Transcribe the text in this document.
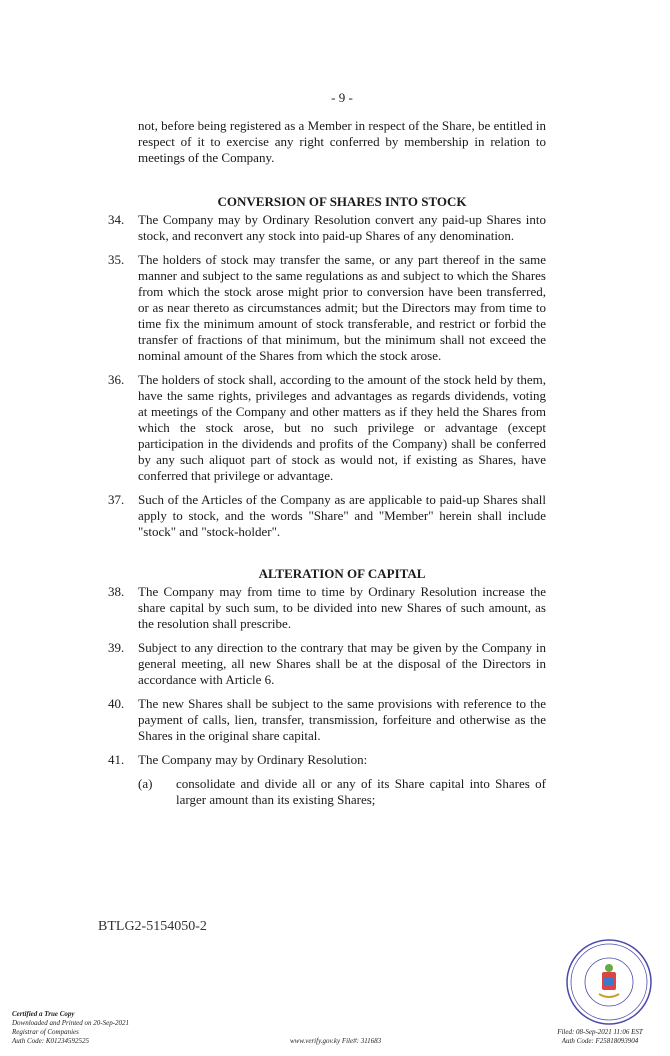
- 9 -
not, before being registered as a Member in respect of the Share, be entitled in respect of it to exercise any right conferred by membership in relation to meetings of the Company.
CONVERSION OF SHARES INTO STOCK
34.	The Company may by Ordinary Resolution convert any paid-up Shares into stock, and reconvert any stock into paid-up Shares of any denomination.
35.	The holders of stock may transfer the same, or any part thereof in the same manner and subject to the same regulations as and subject to which the Shares from which the stock arose might prior to conversion have been transferred, or as near thereto as circumstances admit; but the Directors may from time to time fix the minimum amount of stock transferable, and restrict or forbid the transfer of fractions of that minimum, but the minimum shall not exceed the nominal amount of the Shares from which the stock arose.
36.	The holders of stock shall, according to the amount of the stock held by them, have the same rights, privileges and advantages as regards dividends, voting at meetings of the Company and other matters as if they held the Shares from which the stock arose, but no such privilege or advantage (except participation in the dividends and profits of the Company) shall be conferred by any such aliquot part of stock as would not, if existing as Shares, have conferred that privilege or advantage.
37.	Such of the Articles of the Company as are applicable to paid-up Shares shall apply to stock, and the words "Share" and "Member" herein shall include "stock" and "stock-holder".
ALTERATION OF CAPITAL
38.	The Company may from time to time by Ordinary Resolution increase the share capital by such sum, to be divided into new Shares of such amount, as the resolution shall prescribe.
39.	Subject to any direction to the contrary that may be given by the Company in general meeting, all new Shares shall be at the disposal of the Directors in accordance with Article 6.
40.	The new Shares shall be subject to the same provisions with reference to the payment of calls, lien, transfer, transmission, forfeiture and otherwise as the Shares in the original share capital.
41.	The Company may by Ordinary Resolution:
(a)	consolidate and divide all or any of its Share capital into Shares of larger amount than its existing Shares;
BTLG2-5154050-2
Certified a True Copy
Downloaded and Printed on 20-Sep-2021
Registrar of Companies
Auth Code: K01234592525	www.verify.gov.ky File#: 311683
Filed: 08-Sep-2021 11:06 EST
Auth Code: F25818093904
